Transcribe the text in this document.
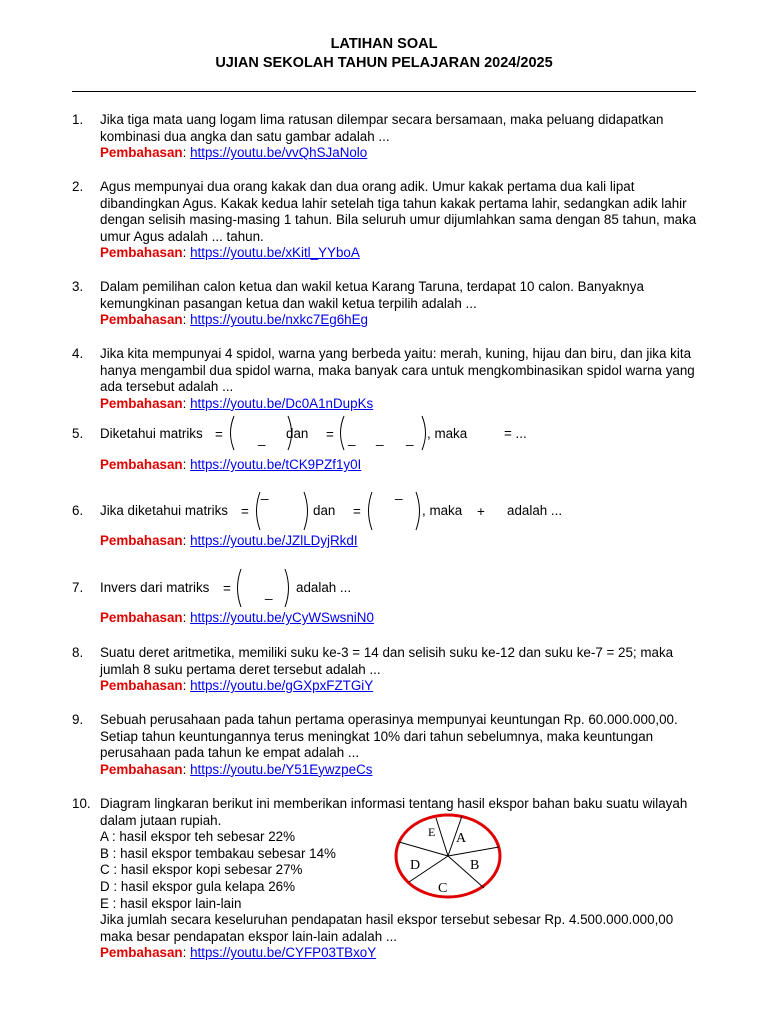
LATIHAN SOAL
UJIAN SEKOLAH TAHUN PELAJARAN 2024/2025
1. Jika tiga mata uang logam lima ratusan dilempar secara bersamaan, maka peluang didapatkan kombinasi dua angka dan satu gambar adalah ...
Pembahasan: https://youtu.be/vvQhSJaNolo
2. Agus mempunyai dua orang kakak dan dua orang adik. Umur kakak pertama dua kali lipat dibandingkan Agus. Kakak kedua lahir setelah tiga tahun kakak pertama lahir, sedangkan adik lahir dengan selisih masing-masing 1 tahun. Bila seluruh umur dijumlahkan sama dengan 85 tahun, maka umur Agus adalah ... tahun.
Pembahasan: https://youtu.be/xKitl_YYboA
3. Dalam pemilihan calon ketua dan wakil ketua Karang Taruna, terdapat 10 calon. Banyaknya kemungkinan pasangan ketua dan wakil ketua terpilih adalah ...
Pembahasan: https://youtu.be/nxkc7Eg6hEg
4. Jika kita mempunyai 4 spidol, warna yang berbeda yaitu: merah, kuning, hijau dan biru, dan jika kita hanya mengambil dua spidol warna, maka banyak cara untuk mengkombinasikan spidol warna yang ada tersebut adalah ...
Pembahasan: https://youtu.be/Dc0A1nDupKs
5. Diketahui matriks =	_ dan = _ _ _ , maka	= ...
Pembahasan: https://youtu.be/tCK9PZf1y0I
6. Jika diketahui matriks =
_
dan =
_
, maka + adalah ...
Pembahasan: https://youtu.be/JZlLDyjRkdI
7. Invers dari matriks =	_ adalah ...
Pembahasan: https://youtu.be/yCyWSwsniN0
8. Suatu deret aritmetika, memiliki suku ke-3 = 14 dan selisih suku ke-12 dan suku ke-7 = 25; maka jumlah 8 suku pertama deret tersebut adalah ...
Pembahasan: https://youtu.be/gGXpxFZTGiY
9. Sebuah perusahaan pada tahun pertama operasinya mempunyai keuntungan Rp. 60.000.000,00. Setiap tahun keuntungannya terus meningkat 10% dari tahun sebelumnya, maka keuntungan perusahaan pada tahun ke empat adalah ...
Pembahasan: https://youtu.be/Y51EywzpeCs
10. Diagram lingkaran berikut ini memberikan informasi tentang hasil ekspor bahan baku suatu wilayah dalam jutaan rupiah.
A : hasil ekspor teh sebesar 22%
B : hasil ekspor tembakau sebesar 14%
C : hasil ekspor kopi sebesar 27%
D : hasil ekspor gula kelapa 26%
E : hasil ekspor lain-lain
Jika jumlah secara keseluruhan pendapatan hasil ekspor tersebut sebesar Rp. 4.500.000.000,00 maka besar pendapatan ekspor lain-lain adalah ...
Pembahasan: https://youtu.be/CYFP03TBxoY
A
B
C
D
E
